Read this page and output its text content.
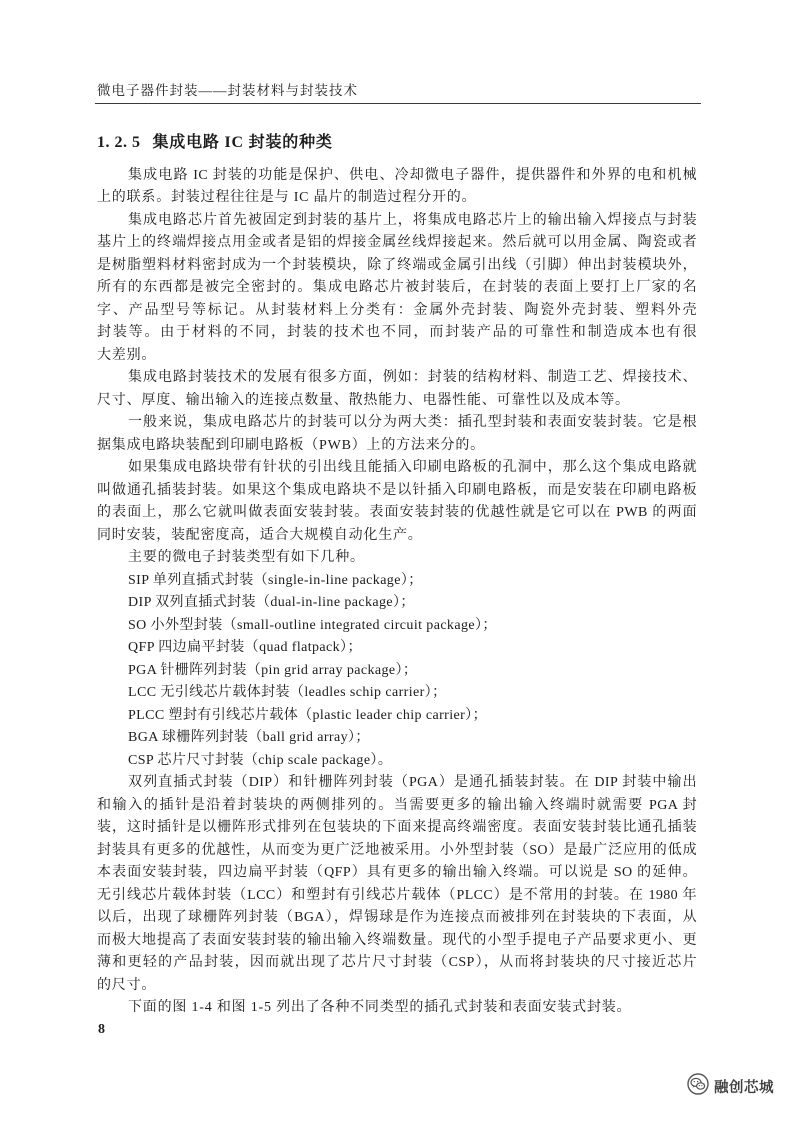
微电子器件封装——封装材料与封装技术
1. 2. 5 集成电路 IC 封装的种类
集成电路 IC 封装的功能是保护、供电、冷却微电子器件，提供器件和外界的电和机械
上的联系。封装过程往往是与 IC 晶片的制造过程分开的。
集成电路芯片首先被固定到封装的基片上，将集成电路芯片上的输出输入焊接点与封装
基片上的终端焊接点用金或者是铝的焊接金属丝线焊接起来。然后就可以用金属、陶瓷或者
是树脂塑料材料密封成为一个封装模块，除了终端或金属引出线（引脚）伸出封装模块外，
所有的东西都是被完全密封的。集成电路芯片被封装后，在封装的表面上要打上厂家的名
字、产品型号等标记。从封装材料上分类有：金属外壳封装、陶瓷外壳封装、塑料外壳
封装等。由于材料的不同，封装的技术也不同，而封装产品的可靠性和制造成本也有很
大差别。
集成电路封装技术的发展有很多方面，例如：封装的结构材料、制造工艺、焊接技术、
尺寸、厚度、输出输入的连接点数量、散热能力、电器性能、可靠性以及成本等。
一般来说，集成电路芯片的封装可以分为两大类：插孔型封装和表面安装封装。它是根
据集成电路块装配到印刷电路板（PWB）上的方法来分的。
如果集成电路块带有针状的引出线且能插入印刷电路板的孔洞中，那么这个集成电路就
叫做通孔插装封装。如果这个集成电路块不是以针插入印刷电路板，而是安装在印刷电路板
的表面上，那么它就叫做表面安装封装。表面安装封装的优越性就是它可以在 PWB 的两面
同时安装，装配密度高，适合大规模自动化生产。
主要的微电子封装类型有如下几种。
SIP 单列直插式封装（single-in-line package）；
DIP 双列直插式封装（dual-in-line package）；
SO 小外型封装（small-outline integrated circuit package）；
QFP 四边扁平封装（quad flatpack）；
PGA 针栅阵列封装（pin grid array package）；
LCC 无引线芯片载体封装（leadles schip carrier）；
PLCC 塑封有引线芯片载体（plastic leader chip carrier）；
BGA 球栅阵列封装（ball grid array）；
CSP 芯片尺寸封装（chip scale package）。
双列直插式封装（DIP）和针栅阵列封装（PGA）是通孔插装封装。在 DIP 封装中输出
和输入的插针是沿着封装块的两侧排列的。当需要更多的输出输入终端时就需要 PGA 封
装，这时插针是以栅阵形式排列在包装块的下面来提高终端密度。表面安装封装比通孔插装
封装具有更多的优越性，从而变为更广泛地被采用。小外型封装（SO）是最广泛应用的低成
本表面安装封装，四边扁平封装（QFP）具有更多的输出输入终端。可以说是 SO 的延伸。
无引线芯片载体封装（LCC）和塑封有引线芯片载体（PLCC）是不常用的封装。在 1980 年
以后，出现了球栅阵列封装（BGA），焊锡球是作为连接点而被排列在封装块的下表面，从
而极大地提高了表面安装封装的输出输入终端数量。现代的小型手提电子产品要求更小、更
薄和更轻的产品封装，因而就出现了芯片尺寸封装（CSP），从而将封装块的尺寸接近芯片
的尺寸。
下面的图 1-4 和图 1-5 列出了各种不同类型的插孔式封装和表面安装式封装。
8
融创芯城
